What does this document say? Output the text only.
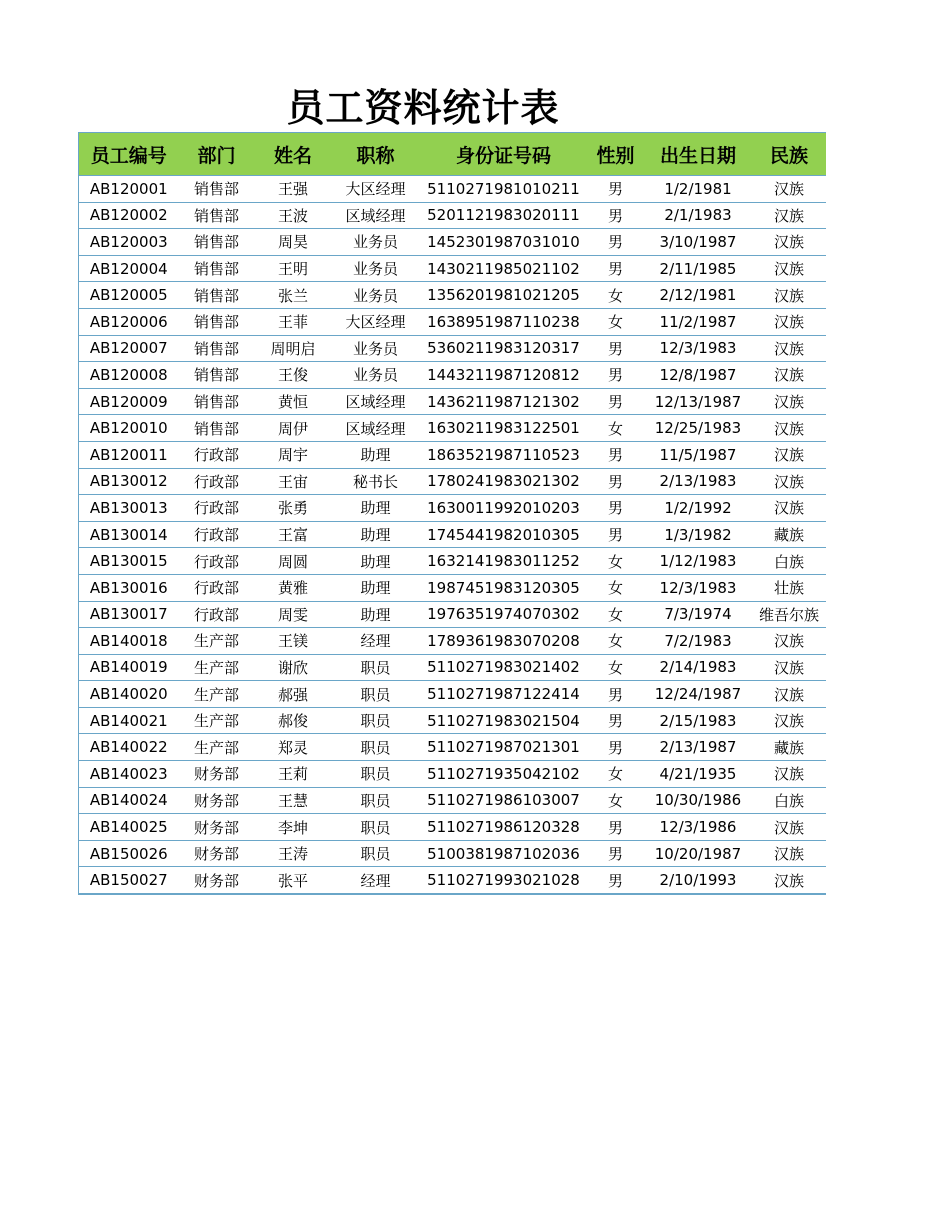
员工资料统计表
员工编号	部门	姓名	职称	身份证号码	性别	出生日期	民族
AB120001	销售部	王强	大区经理	5110271981010211	男	1/2/1981	汉族
AB120002	销售部	王波	区域经理	5201121983020111	男	2/1/1983	汉族
AB120003	销售部	周昊	业务员	1452301987031010	男	3/10/1987	汉族
AB120004	销售部	王明	业务员	1430211985021102	男	2/11/1985	汉族
AB120005	销售部	张兰	业务员	1356201981021205	女	2/12/1981	汉族
AB120006	销售部	王菲	大区经理	1638951987110238	女	11/2/1987	汉族
AB120007	销售部	周明启	业务员	5360211983120317	男	12/3/1983	汉族
AB120008	销售部	王俊	业务员	1443211987120812	男	12/8/1987	汉族
AB120009	销售部	黄恒	区域经理	1436211987121302	男	12/13/1987	汉族
AB120010	销售部	周伊	区域经理	1630211983122501	女	12/25/1983	汉族
AB120011	行政部	周宇	助理	1863521987110523	男	11/5/1987	汉族
AB130012	行政部	王宙	秘书长	1780241983021302	男	2/13/1983	汉族
AB130013	行政部	张勇	助理	1630011992010203	男	1/2/1992	汉族
AB130014	行政部	王富	助理	1745441982010305	男	1/3/1982	藏族
AB130015	行政部	周圆	助理	1632141983011252	女	1/12/1983	白族
AB130016	行政部	黄雅	助理	1987451983120305	女	12/3/1983	壮族
AB130017	行政部	周雯	助理	1976351974070302	女	7/3/1974	维吾尔族
AB140018	生产部	王镁	经理	1789361983070208	女	7/2/1983	汉族
AB140019	生产部	谢欣	职员	5110271983021402	女	2/14/1983	汉族
AB140020	生产部	郝强	职员	5110271987122414	男	12/24/1987	汉族
AB140021	生产部	郝俊	职员	5110271983021504	男	2/15/1983	汉族
AB140022	生产部	郑灵	职员	5110271987021301	男	2/13/1987	藏族
AB140023	财务部	王莉	职员	5110271935042102	女	4/21/1935	汉族
AB140024	财务部	王慧	职员	5110271986103007	女	10/30/1986	白族
AB140025	财务部	李坤	职员	5110271986120328	男	12/3/1986	汉族
AB150026	财务部	王涛	职员	5100381987102036	男	10/20/1987	汉族
AB150027	财务部	张平	经理	5110271993021028	男	2/10/1993	汉族
